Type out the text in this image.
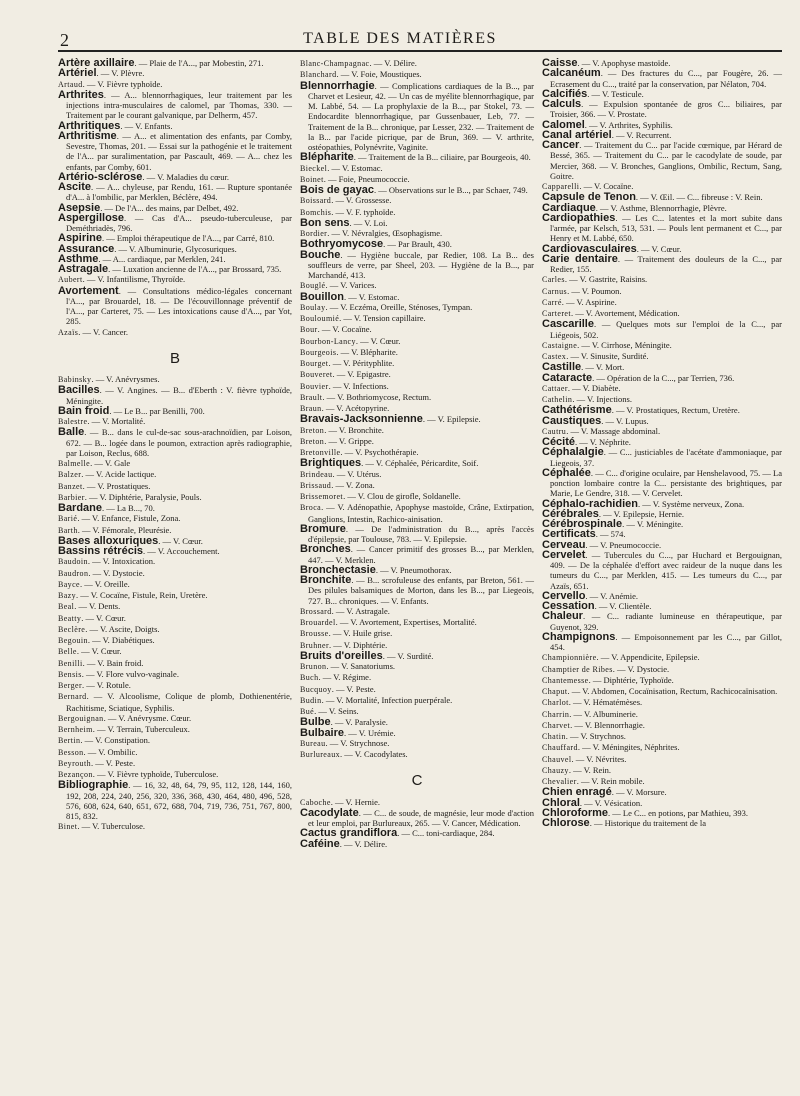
2	TABLE DES MATIÈRES

Artère axillaire. — Plaie de l'A..., par Mobestin, 271.

Artériel. — V. Plèvre.

Artaud. — V. Fièvre typhoïde.

Arthrites. — A... blennorrhagiques, leur traitement par les injections intra-musculaires de calomel, par Thomas, 330. — Traitement par le courant galvanique, par Delherm, 457.

Arthritiques. — V. Enfants.

Arthritisme. — A... et alimentation des enfants, par Comby, Sevestre, Thomas, 201. — Essai sur la pathogénie et le traitement de l'A... par suralimentation, par Pascault, 469. — A... chez les enfants, par Comby, 601.

Artério-sclérose. — V. Maladies du cœur.

Ascite. — A... chyleuse, par Rendu, 161. — Rupture spontanée d'A... à l'ombilic, par Merklen, Béclère, 494.

Asepsie. — De l'A... des mains, par Delbet, 492.

Aspergillose. — Cas d'A... pseudo-tuberculeuse, par Deméthriadès, 796.

Aspirine. — Emploi thérapeutique de l'A..., par Carré, 810.

Assurance. — V. Albuminurie, Glycosuriques.

Asthme. — A... cardiaque, par Merklen, 241.

Astragale. — Luxation ancienne de l'A..., par Brossard, 735.

Aubert. — V. Infantilisme, Thyroïde.

Avortement. — Consultations médico-légales concernant l'A..., par Brouardel, 18. — De l'écouvillonnage préventif de l'A..., par Carteret, 75. — Les intoxications cause d'A..., par Yot, 285.

Azaïs. — V. Cancer.

B

Babinsky. — V. Anévrysmes.

Bacilles. — V. Angines. — B... d'Eberth : V. fièvre typhoïde, Méningite.

Bain froid. — Le B... par Benilli, 700.

Balestre. — V. Mortalité.

Balle. — B... dans le cul-de-sac sous-arachnoïdien, par Loison, 672. — B... logée dans le poumon, extraction après radiographie, par Loison, Reclus, 688.

Balmelle. — V. Gale

Balzer. — V. Acide lactique.

Banzet. — V. Prostatiques.

Barbier. — V. Diphtérie, Paralysie, Pouls.

Bardane. — La B..., 70.

Barié. — V. Enfance, Fistule, Zona.

Barth. — V. Fémorale, Pleurésie.

Bases alloxuriques. — V. Cœur.

Bassins rétrécis. — V. Accouchement.

Baudoin. — V. Intoxication.

Baudron. — V. Dystocie.

Bayce. — V. Oreille.

Bazy. — V. Cocaïne, Fistule, Rein, Uretère.

Beal. — V. Dents.

Beatty. — V. Cœur.

Beclère. — V. Ascite, Doigts.

Begouin. — V. Diabétiques.

Belle. — V. Cœur.

Benilli. — V. Bain froid.

Bensis. — V. Flore vulvo-vaginale.

Berger. — V. Rotule.

Bernard. — V. Alcoolisme, Colique de plomb, Dothienentérie, Rachitisme, Sciatique, Syphilis.

Bergouignan. — V. Anévrysme. Cœur.

Bernheim. — V. Terrain, Tuberculeux.

Bertin. — V. Constipation.

Besson. — V. Ombilic.

Beyrouth. — V. Peste.

Bezançon. — V. Fièvre typhoïde, Tuberculose.

Bibliographie. — 16, 32, 48, 64, 79, 95, 112, 128, 144, 160, 192, 208, 224, 240, 256, 320, 336, 368, 430, 464, 480, 496, 528, 576, 608, 624, 640, 651, 672, 688, 704, 719, 736, 751, 767, 800, 815, 832.

Binet. — V. Tuberculose.

Blanc-Champagnac. — V. Délire.

Blanchard. — V. Foie, Moustiques.

Blennorrhagie. — Complications cardiaques de la B..., par Charvet et Lesieur, 42. — Un cas de myélite blennorrhagique, par M. Labbé, 54. — La prophylaxie de la B..., par Stokel, 73. — Endocardite blennorrhagique, par Gussenbauer, Leb, 77. — Traitement de la B... chronique, par Lesser, 232. — Traitement de la B... par l'acide picrique, par de Brun, 369. — V. arthrite, ostéopathies, Polynévrite, Vaginite.

Blépharite. — Traitement de la B... ciliaire, par Bourgeois, 40.

Bieckel. — V. Estomac.

Boinet. — Foie, Pneumococcie.

Bois de gayac. — Observations sur le B..., par Schaer, 749.

Boissard. — V. Grossesse.

Bomchis. — V. F. typhoïde.

Bon sens. — V. Loi.

Bordier. — V. Névralgies, Œsophagisme.

Bothryomycose. — Par Brault, 430.

Bouche. — Hygiène buccale, par Redier, 108. La B... des souffleurs de verre, par Sheel, 203. — Hygiène de la B..., par Marchandé, 413.

Bouglé. — V. Varices.

Bouillon. — V. Estomac.

Boulay. — V. Eczéma, Oreille, Sténoses, Tympan.

Bouloumié. — V. Tension capillaire.

Bour. — V. Cocaïne.

Bourbon-Lancy. — V. Cœur.

Bourgeois. — V. Blépharite.

Bourget. — V. Pérityphlite.

Bouveret. — V. Epigastre.

Bouvier. — V. Infections.

Brault. — V. Bothriomycose, Rectum.

Braun. — V. Acétopyrine.

Bravais-Jacksonnienne. — V. Epilepsie.

Breton. — V. Bronchite.

Breton. — V. Grippe.

Bretonville. — V. Psychothérapie.

Brightiques. — V. Céphalée, Péricardite, Soif.

Brindeau. — V. Utérus.

Brissaud. — V. Zona.

Brissemoret. — V. Clou de girofle, Soldanelle.

Broca. — V. Adénopathie, Apophyse mastoïde, Crâne, Extirpation, Ganglions, Intestin, Rachico-ainisation.

Bromure. — De l'administration du B..., après l'accès d'épilepsie, par Toulouse, 783. — V. Epilepsie.

Bronches. — Cancer primitif des grosses B..., par Merklen, 447. — V. Merklen.

Bronchectasie. — V. Pneumothorax.

Bronchite. — B... scrofuleuse des enfants, par Breton, 561. — Des pilules balsamiques de Morton, dans les B..., par Liegeois, 727. B... chroniques. — V. Enfants.

Brossard. — V. Astragale.

Brouardel. — V. Avortement, Expertises, Mortalité.

Brousse. — V. Huile grise.

Bruhner. — V. Diphtérie.

Bruits d'oreilles. — V. Surdité.

Brunon. — V. Sanatoriums.

Buch. — V. Régime.

Bucquoy. — V. Peste.

Budin. — V. Mortalité, Infection puerpérale.

Bué. — V. Seins.

Bulbe. — V. Paralysie.

Bulbaire. — V. Urémie.

Bureau. — V. Strychnose.

Burlureaux. — V. Cacodylates.

C

Caboche. — V. Hernie.

Cacodylate. — C... de soude, de magnésie, leur mode d'action et leur emploi, par Burlureaux, 265. — V. Cancer, Médication.

Cactus grandiflora. — C... toni-cardiaque, 284.

Caféine. — V. Délire.

Caisse. — V. Apophyse mastoïde.

Calcanéum. — Des fractures du C..., par Fougère, 26. — Ecrasement du C..., traité par la conservation, par Nélaton, 704.

Calcifiés. — V. Testicule.

Calculs. — Expulsion spontanée de gros C... biliaires, par Troisier, 366. — V. Prostate.

Calomel. — V. Arthrites, Syphilis.

Canal artériel. — V. Recurrent.

Cancer. — Traitement du C... par l'acide cœrnique, par Hérard de Bessé, 365. — Traitement du C... par le cacodylate de soude, par Mercier, 368. — V. Bronches, Ganglions, Ombilic, Rectum, Sang, Goitre.

Capparelli. — V. Cocaïne.

Capsule de Tenon. — V. Œil. — C... fibreuse : V. Rein.

Cardiaque. — V. Asthme, Blennorrhagie, Plèvre.

Cardiopathies. — Les C... latentes et la mort subite dans l'armée, par Kelsch, 513, 531. — Pouls lent permanent et C..., par Henry et M. Labbé, 650.

Cardiovasculaires. — V. Cœur.

Carie dentaire. — Traitement des douleurs de la C..., par Redier, 155.

Carles. — V. Gastrite, Raisins.

Carnus. — V. Poumon.

Carré. — V. Aspirine.

Carteret. — V. Avortement, Médication.

Cascarille. — Quelques mots sur l'emploi de la C..., par Liégeois, 502.

Castaigne. — V. Cirrhose, Méningite.

Castex. — V. Sinusite, Surdité.

Castille. — V. Mort.

Cataracte. — Opération de la C..., par Terrien, 736.

Cattaer. — V. Diabète.

Cathelin. — V. Injections.

Cathétérisme. — V. Prostatiques, Rectum, Uretère.

Caustiques. — V. Lupus.

Cautru. — V. Massage abdominal.

Cécité. — V. Néphrite.

Céphalalgie. — C... justiciables de l'acétate d'ammoniaque, par Liegeois, 37.

Céphalée. — C... d'origine oculaire, par Henshelavood, 75. — La ponction lombaire contre la C... persistante des brightiques, par Marie, Le Gendre, 318. — V. Cervelet.

Céphalo-rachidien. — V. Système nerveux, Zona.

Cérébrales. — V. Epilepsie, Hernie.

Cérébrospinale. — V. Méningite.

Certificats. — 574.

Cerveau. — V. Pneumococcie.

Cervelet. — Tubercules du C..., par Huchard et Bergouignan, 409. — De la céphalée d'effort avec raideur de la nuque dans les tumeurs du C..., par Merklen, 415. — Les tumeurs du C..., par Azaïs, 651.

Cervello. — V. Anémie.

Cessation. — V. Clientèle.

Chaleur. — C... radiante lumineuse en thérapeutique, par Guyenot, 329.

Champignons. — Empoisonnement par les C..., par Gillot, 454.

Championnière. — V. Appendicite, Epilepsie.

Champtier de Ribes. — V. Dystocie.

Chantemesse. — Diphtérie, Typhoïde.

Chaput. — V. Abdomen, Cocaïnisation, Rectum, Rachicocaïnisation.

Charlot. — V. Hématémèses.

Charrin. — V. Albuminerie.

Charvet. — V. Blennorrhagie.

Chatin. — V. Strychnos.

Chauffard. — V. Méningites, Néphrites.

Chauvel. — V. Névrites.

Chauzy. — V. Rein.

Chevalier. — V. Rein mobile.

Chien enragé. — V. Morsure.

Chloral. — V. Vésication.

Chloroforme. — Le C... en potions, par Mathieu, 393.

Chlorose. — Historique du traitement de la
